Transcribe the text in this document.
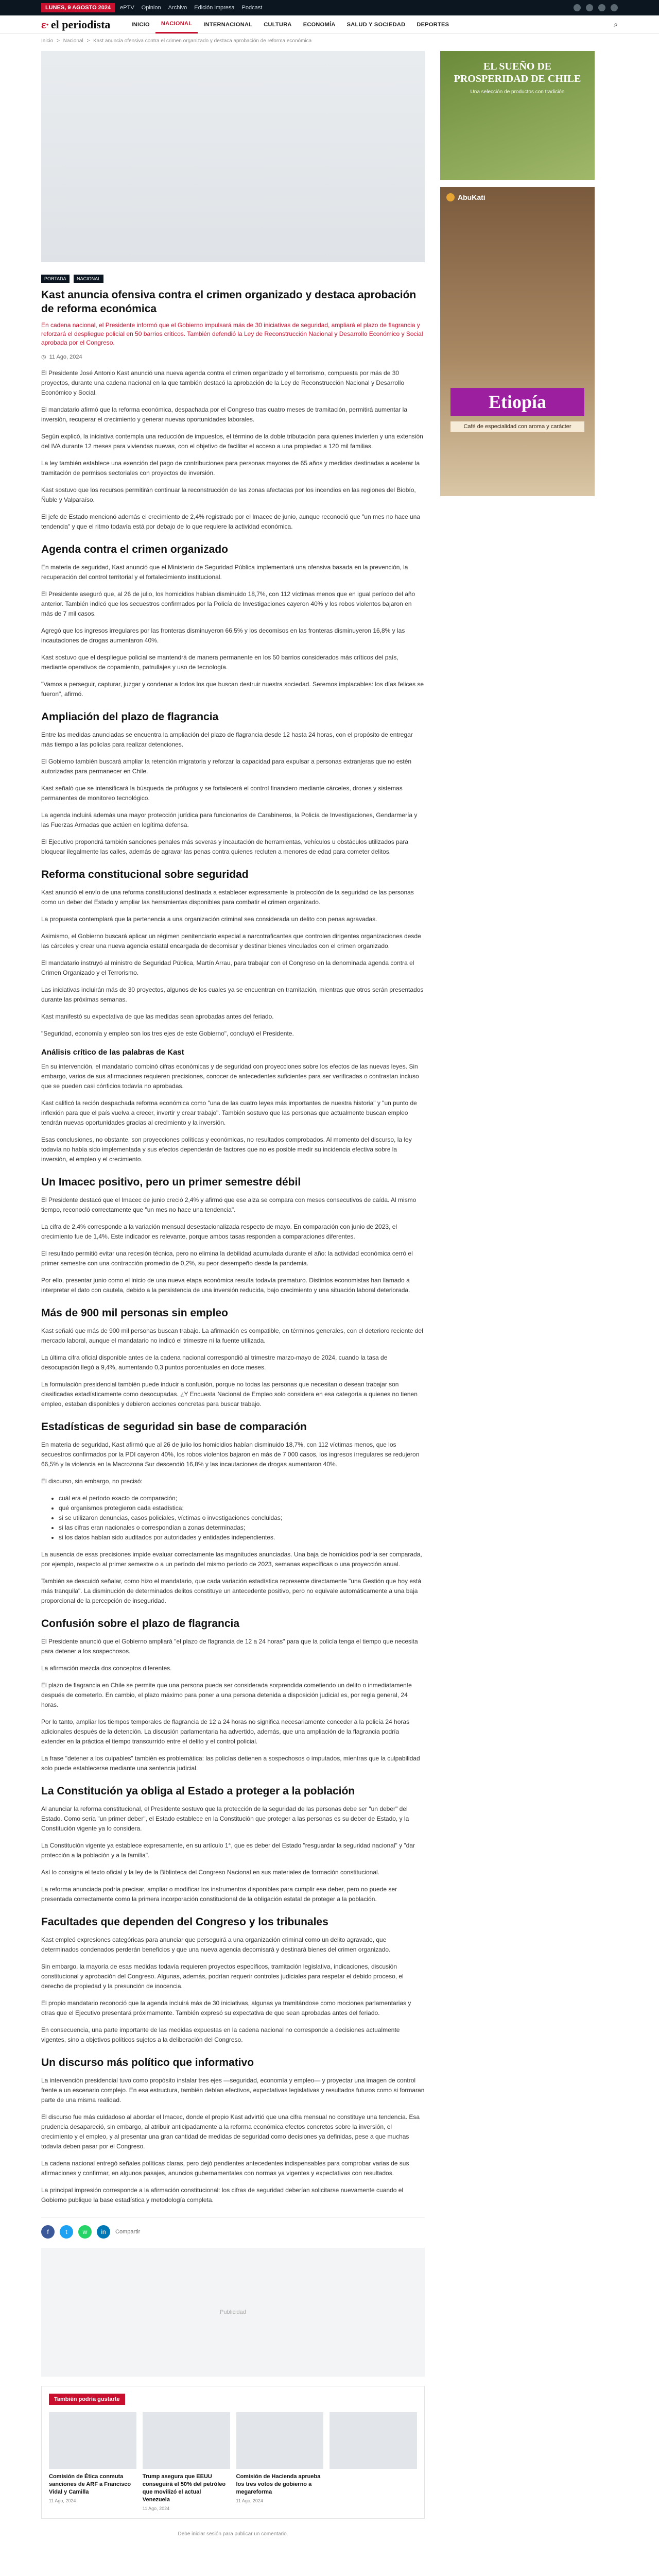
LUNES, 9 AGOSTO 2024	ePTV Opinion Archivo Edición impresa Podcast
ε∙ el periodista	INICIO	NACIONAL	INTERNACIONAL	CULTURA	ECONOMÍA	SALUD Y SOCIEDAD	DEPORTES	⌕
Inicio > Nacional > Kast anuncia ofensiva contra el crimen organizado y destaca aprobación de reforma económica
PORTADA NACIONAL
Kast anuncia ofensiva contra el crimen organizado y destaca aprobación de reforma económica

En cadena nacional, el Presidente informó que el Gobierno impulsará más de 30 iniciativas de seguridad, ampliará el plazo de flagrancia y reforzará el despliegue policial en 50 barrios críticos. También defendió la Ley de Reconstrucción Nacional y Desarrollo Económico y Social aprobada por el Congreso.

◷ 11 Ago, 2024

El Presidente José Antonio Kast anunció una nueva agenda contra el crimen organizado y el terrorismo, compuesta por más de 30 proyectos, durante una cadena nacional en la que también destacó la aprobación de la Ley de Reconstrucción Nacional y Desarrollo Económico y Social.

El mandatario afirmó que la reforma económica, despachada por el Congreso tras cuatro meses de tramitación, permitirá aumentar la inversión, recuperar el crecimiento y generar nuevas oportunidades laborales.

Según explicó, la iniciativa contempla una reducción de impuestos, el término de la doble tributación para quienes invierten y una extensión del IVA durante 12 meses para viviendas nuevas, con el objetivo de facilitar el acceso a una propiedad a 120 mil familias.

La ley también establece una exención del pago de contribuciones para personas mayores de 65 años y medidas destinadas a acelerar la tramitación de permisos sectoriales con proyectos de inversión.

Kast sostuvo que los recursos permitirán continuar la reconstrucción de las zonas afectadas por los incendios en las regiones del Biobío, Ñuble y Valparaíso.

El jefe de Estado mencionó además el crecimiento de 2,4% registrado por el Imacec de junio, aunque reconoció que "un mes no hace una tendencia" y que el ritmo todavía está por debajo de lo que requiere la actividad económica.

Agenda contra el crimen organizado

En materia de seguridad, Kast anunció que el Ministerio de Seguridad Pública implementará una ofensiva basada en la prevención, la recuperación del control territorial y el fortalecimiento institucional.

El Presidente aseguró que, al 26 de julio, los homicidios habían disminuido 18,7%, con 112 víctimas menos que en igual período del año anterior. También indicó que los secuestros confirmados por la Policía de Investigaciones cayeron 40% y los robos violentos bajaron en más de 7 mil casos.

Agregó que los ingresos irregulares por las fronteras disminuyeron 66,5% y los decomisos en las fronteras disminuyeron 16,8% y las incautaciones de drogas aumentaron 40%.

Kast sostuvo que el despliegue policial se mantendrá de manera permanente en los 50 barrios considerados más críticos del país, mediante operativos de copamiento, patrullajes y uso de tecnología.

"Vamos a perseguir, capturar, juzgar y condenar a todos los que buscan destruir nuestra sociedad. Seremos implacables: los días felices se fueron", afirmó.

Ampliación del plazo de flagrancia

Entre las medidas anunciadas se encuentra la ampliación del plazo de flagrancia desde 12 hasta 24 horas, con el propósito de entregar más tiempo a las policías para realizar detenciones.

El Gobierno también buscará ampliar la retención migratoria y reforzar la capacidad para expulsar a personas extranjeras que no estén autorizadas para permanecer en Chile.

Kast señaló que se intensificará la búsqueda de prófugos y se fortalecerá el control financiero mediante cárceles, drones y sistemas permanentes de monitoreo tecnológico.

La agenda incluirá además una mayor protección jurídica para funcionarios de Carabineros, la Policía de Investigaciones, Gendarmería y las Fuerzas Armadas que actúen en legítima defensa.

El Ejecutivo propondrá también sanciones penales más severas y incautación de herramientas, vehículos u obstáculos utilizados para bloquear ilegalmente las calles, además de agravar las penas contra quienes recluten a menores de edad para cometer delitos.

Reforma constitucional sobre seguridad

Kast anunció el envío de una reforma constitucional destinada a establecer expresamente la protección de la seguridad de las personas como un deber del Estado y ampliar las herramientas disponibles para combatir el crimen organizado.

La propuesta contemplará que la pertenencia a una organización criminal sea considerada un delito con penas agravadas.

Asimismo, el Gobierno buscará aplicar un régimen penitenciario especial a narcotraficantes que controlen dirigentes organizaciones desde las cárceles y crear una nueva agencia estatal encargada de decomisar y destinar bienes vinculados con el crimen organizado.

El mandatario instruyó al ministro de Seguridad Pública, Martín Arrau, para trabajar con el Congreso en la denominada agenda contra el Crimen Organizado y el Terrorismo.

Las iniciativas incluirán más de 30 proyectos, algunos de los cuales ya se encuentran en tramitación, mientras que otros serán presentados durante las próximas semanas.

Kast manifestó su expectativa de que las medidas sean aprobadas antes del feriado.

"Seguridad, economía y empleo son los tres ejes de este Gobierno", concluyó el Presidente.

Análisis crítico de las palabras de Kast

En su intervención, el mandatario combinó cifras económicas y de seguridad con proyecciones sobre los efectos de las nuevas leyes. Sin embargo, varios de sus afirmaciones requieren precisiones, conocer de antecedentes suficientes para ser verificadas o contrastan incluso que se pueden casi cónficios todavía no aprobadas.

Kast calificó la reción despachada reforma económica como "una de las cuatro leyes más importantes de nuestra historia" y "un punto de inflexión para que el país vuelva a crecer, invertir y crear trabajo". También sostuvo que las personas que actualmente buscan empleo tendrán nuevas oportunidades gracias al crecimiento y la inversión.

Esas conclusiones, no obstante, son proyecciones políticas y económicas, no resultados comprobados. Al momento del discurso, la ley todavía no había sido implementada y sus efectos dependerán de factores que no es posible medir su incidencia efectiva sobre la inversión, el empleo y el crecimiento.

Un Imacec positivo, pero un primer semestre débil

El Presidente destacó que el Imacec de junio creció 2,4% y afirmó que ese alza se compara con meses consecutivos de caída. Al mismo tiempo, reconoció correctamente que "un mes no hace una tendencia".

La cifra de 2,4% corresponde a la variación mensual desestacionalizada respecto de mayo. En comparación con junio de 2023, el crecimiento fue de 1,4%. Este indicador es relevante, porque ambos tasas responden a comparaciones diferentes.

El resultado permitió evitar una recesión técnica, pero no elimina la debilidad acumulada durante el año: la actividad económica cerró el primer semestre con una contracción promedio de 0,2%, su peor desempeño desde la pandemia.

Por ello, presentar junio como el inicio de una nueva etapa económica resulta todavía prematuro. Distintos economistas han llamado a interpretar el dato con cautela, debido a la persistencia de una inversión reducida, bajo crecimiento y una situación laboral deteriorada.

Más de 900 mil personas sin empleo

Kast señaló que más de 900 mil personas buscan trabajo. La afirmación es compatible, en términos generales, con el deterioro reciente del mercado laboral, aunque el mandatario no indicó el trimestre ni la fuente utilizada.

La última cifra oficial disponible antes de la cadena nacional correspondió al trimestre marzo-mayo de 2024, cuando la tasa de desocupación llegó a 9,4%, aumentando 0,3 puntos porcentuales en doce meses.

La formulación presidencial también puede inducir a confusión, porque no todas las personas que necesitan o desean trabajar son clasificadas estadísticamente como desocupadas. ¿Y Encuesta Nacional de Empleo solo considera en esa categoría a quienes no tienen empleo, estaban disponibles y debieron acciones concretas para buscar trabajo.

Estadísticas de seguridad sin base de comparación

En materia de seguridad, Kast afirmó que al 26 de julio los homicidios habían disminuido 18,7%, con 112 víctimas menos, que los secuestros confirmados por la PDI cayeron 40%, los robos violentos bajaron en más de 7 000 casos, los ingresos irregulares se redujeron 66,5% y la violencia en la Macrozona Sur descendió 16,8% y las incautaciones de drogas aumentaron 40%.

El discurso, sin embargo, no precisó:

• cuál era el período exacto de comparación;
• qué organismos protegieron cada estadística;
• si se utilizaron denuncias, casos policiales, víctimas o investigaciones concluidas;
• si las cifras eran nacionales o correspondían a zonas determinadas;
• si los datos habían sido auditados por autoridades y entidades independientes.

La ausencia de esas precisiones impide evaluar correctamente las magnitudes anunciadas. Una baja de homicidios podría ser comparada, por ejemplo, respecto al primer semestre o a un período del mismo período de 2023, semanas específicas o una proyección anual.

También se descuidó señalar, como hizo el mandatario, que cada variación estadística represente directamente "una Gestión que hoy está más tranquila". La disminución de determinados delitos constituye un antecedente positivo, pero no equivale automáticamente a una baja proporcional de la percepción de inseguridad.

Confusión sobre el plazo de flagrancia

El Presidente anunció que el Gobierno ampliará "el plazo de flagrancia de 12 a 24 horas" para que la policía tenga el tiempo que necesita para detener a los sospechosos.

La afirmación mezcla dos conceptos diferentes.

El plazo de flagrancia en Chile se permite que una persona pueda ser considerada sorprendida cometiendo un delito o inmediatamente después de cometerlo. En cambio, el plazo máximo para poner a una persona detenida a disposición judicial es, por regla general, 24 horas.

Por lo tanto, ampliar los tiempos temporales de flagrancia de 12 a 24 horas no significa necesariamente conceder a la policía 24 horas adicionales después de la detención. La discusión parlamentaria ha advertido, además, que una ampliación de la flagrancia podría extender en la práctica el tiempo transcurrido entre el delito y el control policial.

La frase "detener a los culpables" también es problemática: las policías detienen a sospechosos o imputados, mientras que la culpabilidad solo puede establecerse mediante una sentencia judicial.

La Constitución ya obliga al Estado a proteger a la población

Al anunciar la reforma constitucional, el Presidente sostuvo que la protección de la seguridad de las personas debe ser "un deber" del Estado. Como sería "un primer deber", el Estado establece en la Constitución que proteger a las personas es su deber de Estado, y la Constitución vigente ya lo considera.

La Constitución vigente ya establece expresamente, en su artículo 1°, que es deber del Estado "resguardar la seguridad nacional" y "dar protección a la población y a la familia".

Así lo consigna el texto oficial y la ley de la Biblioteca del Congreso Nacional en sus materiales de formación constitucional.

La reforma anunciada podría precisar, ampliar o modificar los instrumentos disponibles para cumplir ese deber, pero no puede ser presentada correctamente como la primera incorporación constitucional de la obligación estatal de proteger a la población.

Facultades que dependen del Congreso y los tribunales

Kast empleó expresiones categóricas para anunciar que perseguirá a una organización criminal como un delito agravado, que determinados condenados perderán beneficios y que una nueva agencia decomisará y destinará bienes del crimen organizado.

Sin embargo, la mayoría de esas medidas todavía requieren proyectos específicos, tramitación legislativa, indicaciones, discusión constitucional y aprobación del Congreso. Algunas, además, podrían requerir controles judiciales para respetar el debido proceso, el derecho de propiedad y la presunción de inocencia.

El propio mandatario reconoció que la agenda incluirá más de 30 iniciativas, algunas ya tramitándose como mociones parlamentarias y otras que el Ejecutivo presentará próximamente. También expresó su expectativa de que sean aprobadas antes del feriado.

En consecuencia, una parte importante de las medidas expuestas en la cadena nacional no corresponde a decisiones actualmente vigentes, sino a objetivos políticos sujetos a la deliberación del Congreso.

Un discurso más político que informativo

La intervención presidencial tuvo como propósito instalar tres ejes —seguridad, economía y empleo— y proyectar una imagen de control frente a un escenario complejo. En esa estructura, también debían efectivos, expectativas legislativas y resultados futuros como si formaran parte de una misma realidad.

El discurso fue más cuidadoso al abordar el Imacec, donde el propio Kast advirtió que una cifra mensual no constituye una tendencia. Esa prudencia desapareció, sin embargo, al atribuir anticipadamente a la reforma económica efectos concretos sobre la inversión, el crecimiento y el empleo, y al presentar una gran cantidad de medidas de seguridad como decisiones ya definidas, pese a que muchas todavía deben pasar por el Congreso.

La cadena nacional entregó señales políticas claras, pero dejó pendientes antecedentes indispensables para comprobar varias de sus afirmaciones y confirmar, en algunos pasajes, anuncios gubernamentales con normas ya vigentes y expectativas con resultados.

La principal impresión corresponde a la afirmación constitucional: los cifras de seguridad deberían solicitarse nuevamente cuando el Gobierno publique la base estadística y metodología completa.

f	t	w	in	Compartir
Publicidad
También podría gustarte
Comisión de Ética conmuta sanciones de ARF a Francisco Vidal y Camilla
11 Ago, 2024
Trump asegura que EEUU conseguirá el 50% del petróleo que movilizó el actual Venezuela
11 Ago, 2024
Comisión de Hacienda aprueba los tres votos de gobierno a megareforma
11 Ago, 2024

Debe iniciar sesión para publicar un comentario.

EL SUEÑO DE PROSPERIDAD DE CHILE
Una selección de productos con tradición
AbuKati
Etiopía
Café de especialidad con aroma y carácter
